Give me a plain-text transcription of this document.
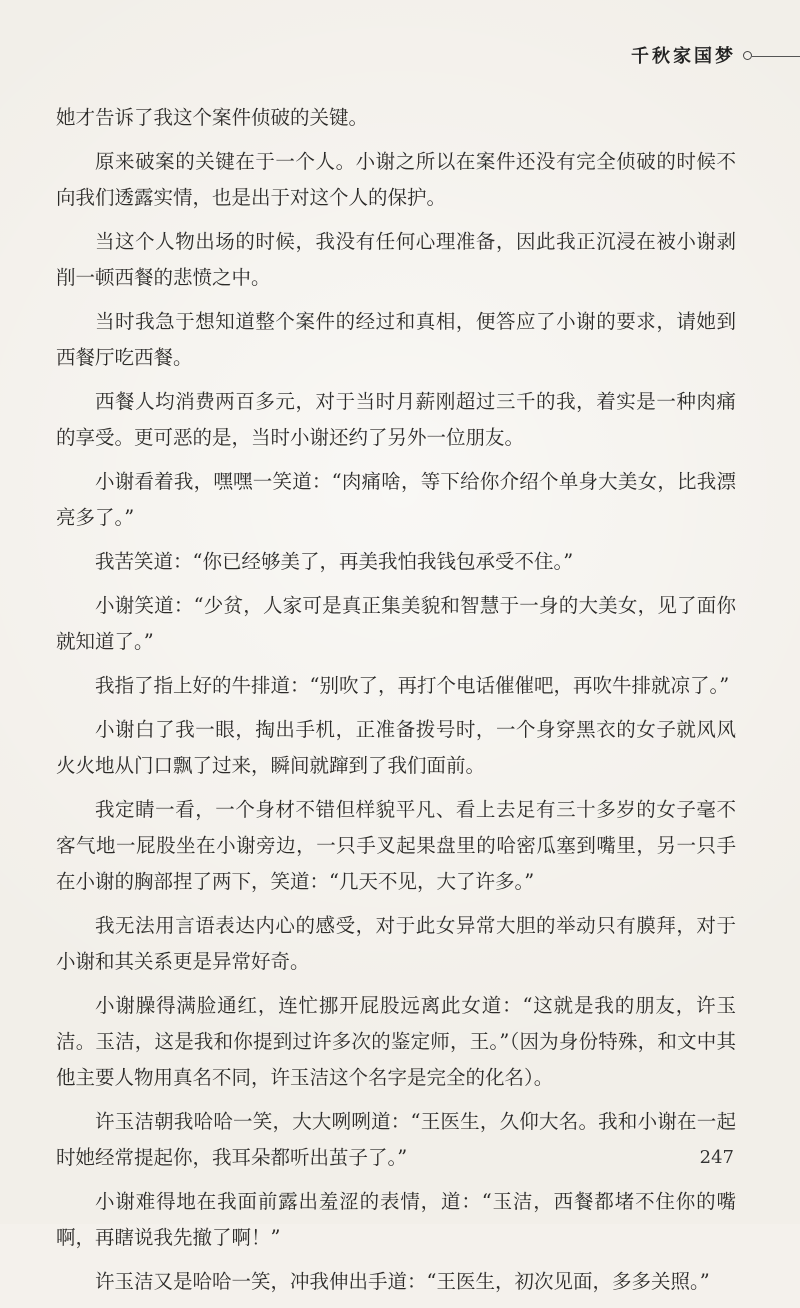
千秋家国梦

她才告诉了我这个案件侦破的关键。

原来破案的关键在于一个人。小谢之所以在案件还没有完全侦破的时候不向我们透露实情，也是出于对这个人的保护。

当这个人物出场的时候，我没有任何心理准备，因此我正沉浸在被小谢剥削一顿西餐的悲愤之中。

当时我急于想知道整个案件的经过和真相，便答应了小谢的要求，请她到西餐厅吃西餐。

西餐人均消费两百多元，对于当时月薪刚超过三千的我，着实是一种肉痛的享受。更可恶的是，当时小谢还约了另外一位朋友。

小谢看着我，嘿嘿一笑道：“肉痛啥，等下给你介绍个单身大美女，比我漂亮多了。”

我苦笑道：“你已经够美了，再美我怕我钱包承受不住。”

小谢笑道：“少贫，人家可是真正集美貌和智慧于一身的大美女，见了面你就知道了。”

我指了指上好的牛排道：“别吹了，再打个电话催催吧，再吹牛排就凉了。”

小谢白了我一眼，掏出手机，正准备拨号时，一个身穿黑衣的女子就风风火火地从门口飘了过来，瞬间就蹿到了我们面前。

我定睛一看，一个身材不错但样貌平凡、看上去足有三十多岁的女子毫不客气地一屁股坐在小谢旁边，一只手叉起果盘里的哈密瓜塞到嘴里，另一只手在小谢的胸部捏了两下，笑道：“几天不见，大了许多。”

我无法用言语表达内心的感受，对于此女异常大胆的举动只有膜拜，对于小谢和其关系更是异常好奇。

小谢臊得满脸通红，连忙挪开屁股远离此女道：“这就是我的朋友，许玉洁。玉洁，这是我和你提到过许多次的鉴定师，王。”（因为身份特殊，和文中其他主要人物用真名不同，许玉洁这个名字是完全的化名）。

许玉洁朝我哈哈一笑，大大咧咧道：“王医生，久仰大名。我和小谢在一起时她经常提起你，我耳朵都听出茧子了。”

小谢难得地在我面前露出羞涩的表情，道：“玉洁，西餐都堵不住你的嘴啊，再瞎说我先撤了啊！”

许玉洁又是哈哈一笑，冲我伸出手道：“王医生，初次见面，多多关照。”

247
